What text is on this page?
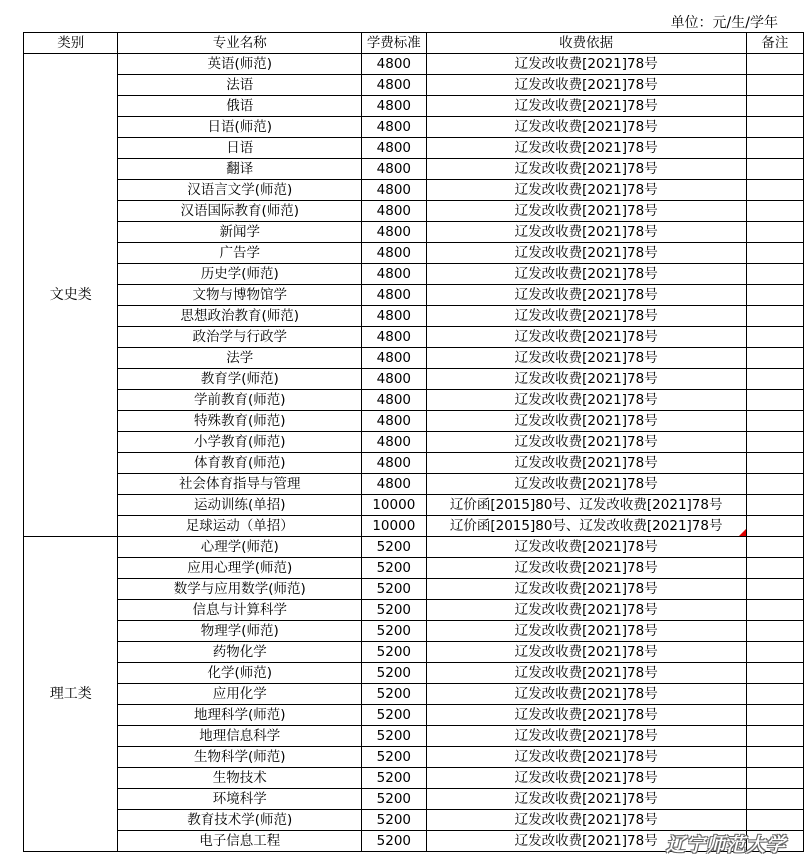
单位：元/生/学年
类别	专业名称	学费标准	收费依据	备注
文史类	英语(师范)	4800	辽发改收费[2021]78号	
	法语	4800	辽发改收费[2021]78号	
	俄语	4800	辽发改收费[2021]78号	
	日语(师范)	4800	辽发改收费[2021]78号	
	日语	4800	辽发改收费[2021]78号	
	翻译	4800	辽发改收费[2021]78号	
	汉语言文学(师范)	4800	辽发改收费[2021]78号	
	汉语国际教育(师范)	4800	辽发改收费[2021]78号	
	新闻学	4800	辽发改收费[2021]78号	
	广告学	4800	辽发改收费[2021]78号	
	历史学(师范)	4800	辽发改收费[2021]78号	
	文物与博物馆学	4800	辽发改收费[2021]78号	
	思想政治教育(师范)	4800	辽发改收费[2021]78号	
	政治学与行政学	4800	辽发改收费[2021]78号	
	法学	4800	辽发改收费[2021]78号	
	教育学(师范)	4800	辽发改收费[2021]78号	
	学前教育(师范)	4800	辽发改收费[2021]78号	
	特殊教育(师范)	4800	辽发改收费[2021]78号	
	小学教育(师范)	4800	辽发改收费[2021]78号	
	体育教育(师范)	4800	辽发改收费[2021]78号	
	社会体育指导与管理	4800	辽发改收费[2021]78号	
	运动训练(单招)	10000	辽价函[2015]80号、辽发改收费[2021]78号	
	足球运动（单招）	10000	辽价函[2015]80号、辽发改收费[2021]78号

理工类	心理学(师范)	5200	辽发改收费[2021]78号	
	应用心理学(师范)	5200	辽发改收费[2021]78号	
	数学与应用数学(师范)	5200	辽发改收费[2021]78号	
	信息与计算科学	5200	辽发改收费[2021]78号	
	物理学(师范)	5200	辽发改收费[2021]78号	
	药物化学	5200	辽发改收费[2021]78号	
	化学(师范)	5200	辽发改收费[2021]78号	
	应用化学	5200	辽发改收费[2021]78号	
	地理科学(师范)	5200	辽发改收费[2021]78号	
	地理信息科学	5200	辽发改收费[2021]78号	
	生物科学(师范)	5200	辽发改收费[2021]78号	
	生物技术	5200	辽发改收费[2021]78号	
	环境科学	5200	辽发改收费[2021]78号	
	教育技术学(师范)	5200	辽发改收费[2021]78号	
	电子信息工程	5200	辽发改收费[2021]78号	辽宁师范大学
